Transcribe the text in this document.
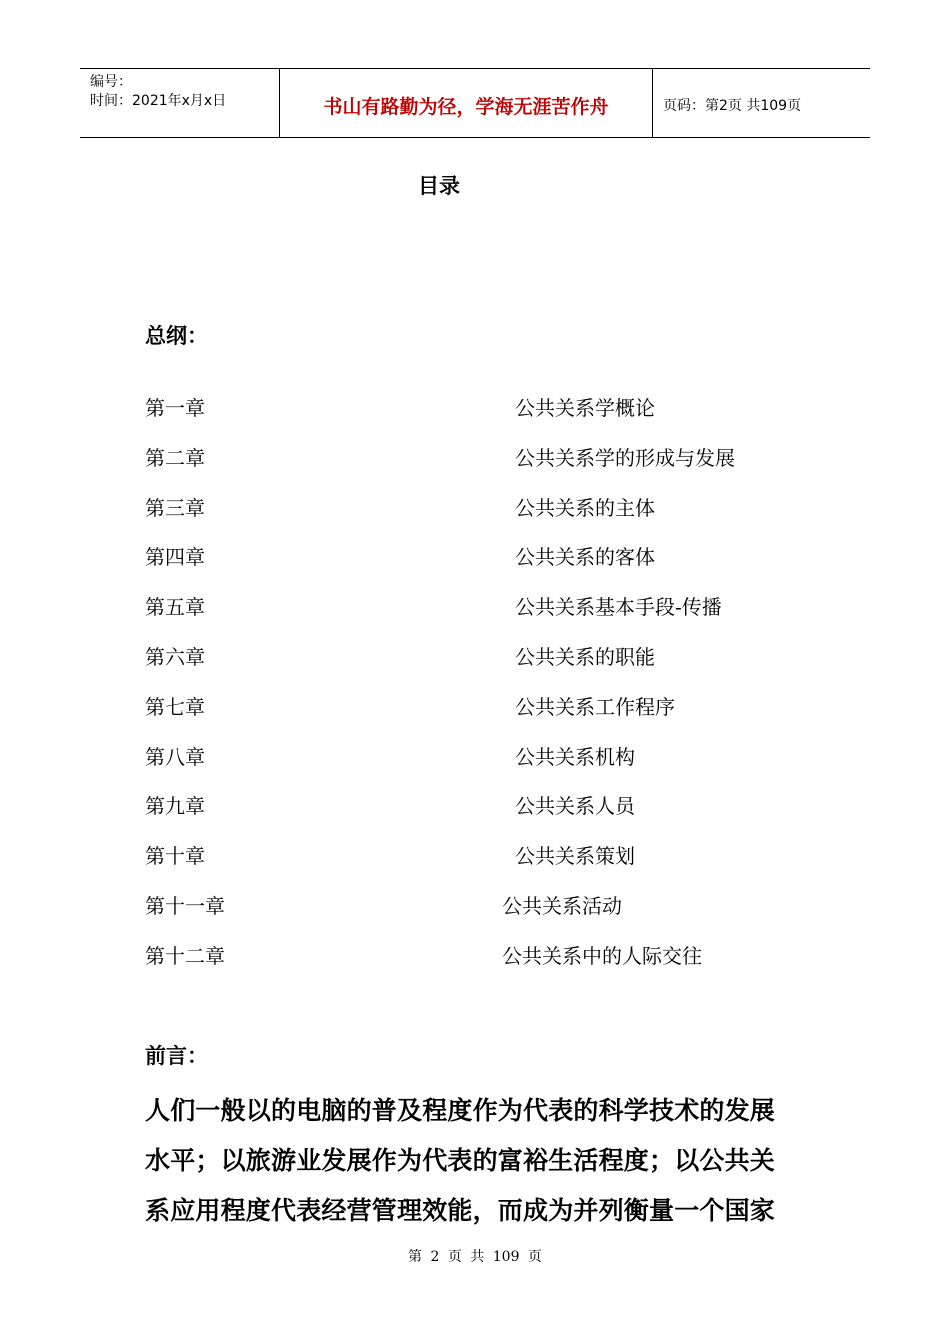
编号：
时间：2021年x月x日	书山有路勤为径，学海无涯苦作舟	页码：第2页 共109页
目录
总纲：
第一章	公共关系学概论
第二章	公共关系学的形成与发展
第三章	公共关系的主体
第四章	公共关系的客体
第五章	公共关系基本手段-传播
第六章	公共关系的职能
第七章	公共关系工作程序
第八章	公共关系机构
第九章	公共关系人员
第十章	公共关系策划
第十一章	公共关系活动
第十二章	公共关系中的人际交往
前言：
人们一般以的电脑的普及程度作为代表的科学技术的发展
水平；以旅游业发展作为代表的富裕生活程度；以公共关
系应用程度代表经营管理效能，而成为并列衡量一个国家
第 2 页 共 109 页
